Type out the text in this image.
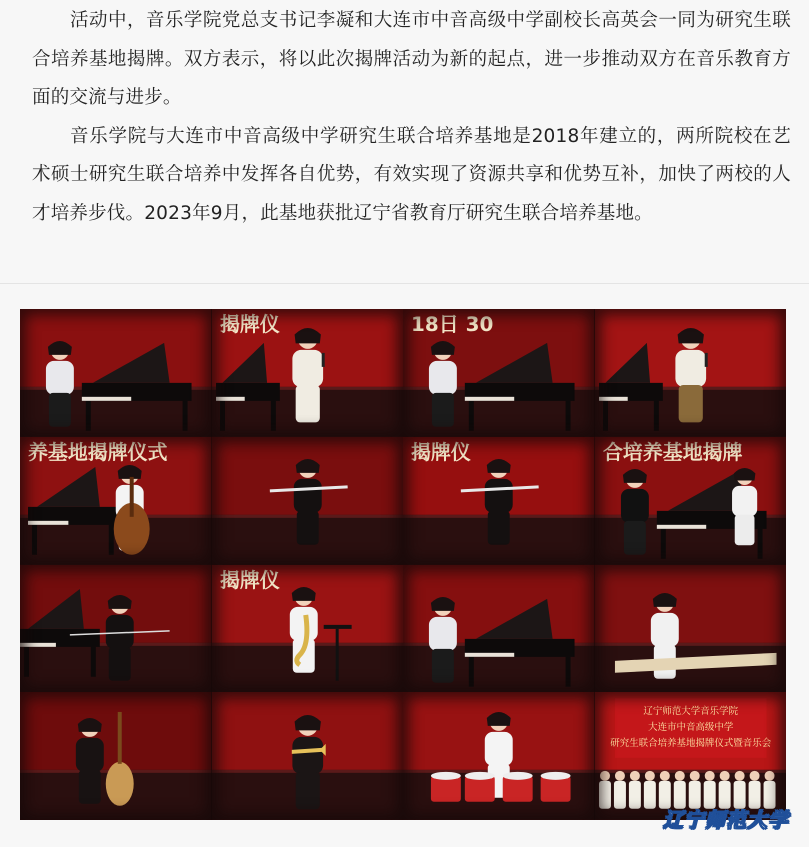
活动中，音乐学院党总支书记李凝和大连市中音高级中学副校长高英会一同为研究生联合培养基地揭牌。双方表示，将以此次揭牌活动为新的起点，进一步推动双方在音乐教育方面的交流与进步。

音乐学院与大连市中音高级中学研究生联合培养基地是2018年建立的，两所院校在艺术硕士研究生联合培养中发挥各自优势，有效实现了资源共享和优势互补，加快了两校的人才培养步伐。2023年9月，此基地获批辽宁省教育厅研究生联合培养基地。

揭牌仪	18日 30
养基地揭牌仪式	揭牌仪	合培养基地揭牌
揭牌仪
辽宁师范大学音乐学院
大连市中音高级中学
研究生联合培养基地揭牌仪式暨音乐会
辽宁师范大学
